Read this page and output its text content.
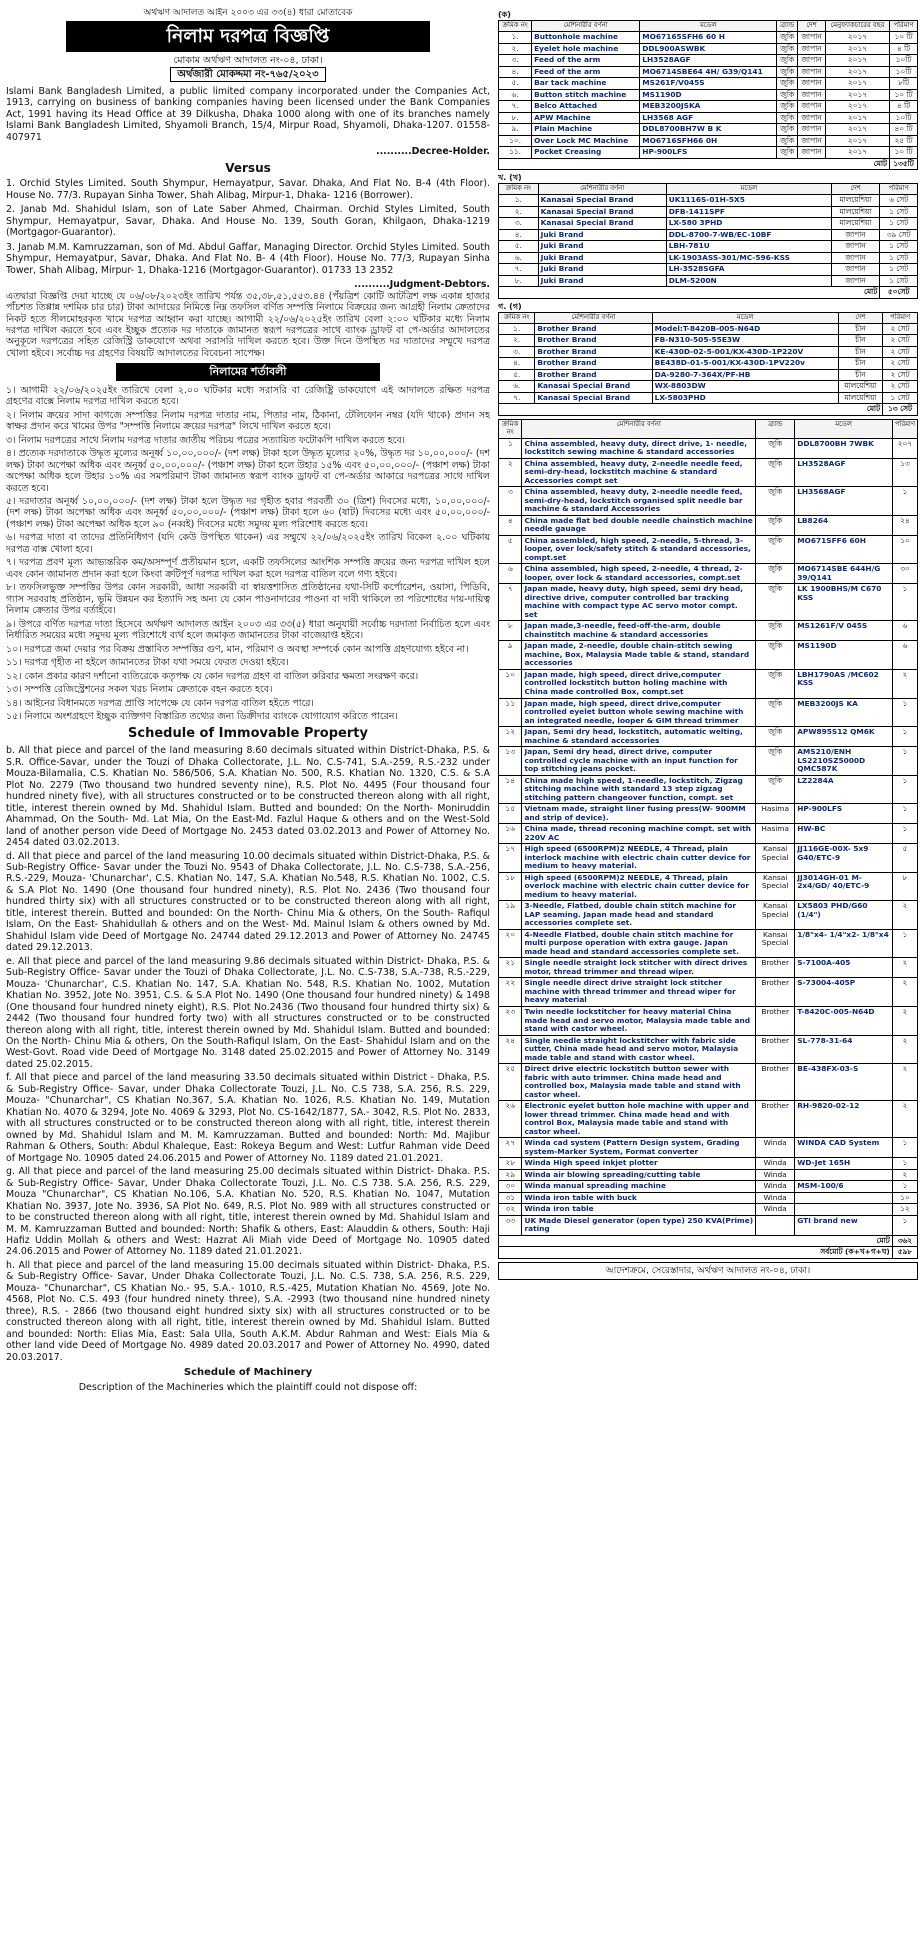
অর্থঋণ আদালত আইন ২০০৩ এর ৩৩(৪) ধারা মোতাবেক
নিলাম দরপত্র বিজ্ঞপ্তি
মোকাম অর্থঋণ আদালত নং-০৪, ঢাকা।
অর্থজারী মোকদ্দমা নং-৭৬৫/২০২৩
Islami Bank Bangladesh Limited, a public limited company incorporated under the Companies Act, 1913, carrying on business of banking companies having been licensed under the Bank Companies Act, 1991 having its Head Office at 39 Dilkusha, Dhaka 1000 along with one of its branches namely Islami Bank Bangladesh Limited, Shyamoli Branch, 15/4, Mirpur Road, Shyamoli, Dhaka-1207. 01558-407971
..........Decree-Holder.
Versus
1. Orchid Styles Limited. South Shympur, Hemayatpur, Savar. Dhaka, And Flat No. B-4 (4th Floor). House No. 77/3. Rupayan Sinha Tower, Shah Alibag, Mirpur-1, Dhaka- 1216 (Borrower).
2. Janab Md. Shahidul Islam, son of Late Saber Ahmed, Chairman. Orchid Styles Limited, South Shympur, Hemayatpur, Savar, Dhaka. And House No. 139, South Goran, Khilgaon, Dhaka-1219 (Mortgagor-Guarantor).
3. Janab M.M. Kamruzzaman, son of Md. Abdul Gaffar, Managing Director. Orchid Styles Limited. South Shympur, Hemayatpur, Savar, Dhaka. And Flat No. B- 4 (4th Floor). House No. 77/3, Rupayan Sinha Tower, Shah Alibag, Mirpur- 1, Dhaka-1216 (Mortgagor-Guarantor). 01733 13 2352
..........Judgment-Debtors.
এতদ্বারা বিজ্ঞপ্তি দেয়া যাচ্ছে যে ০৬/০৮/২০২৩ইং তারিখ পর্যন্ত ৩৫,৩৮,৫১,৫৫৩.৪৪ (পঁয়ত্রিশ কোটি আটত্রিশ লক্ষ একান্ন হাজার পাঁচশত তিপ্পান্ন দশমিক চার চার) টাকা আদায়ের নিমিত্তে নিম্ন তফসিল বর্ণিত সম্পত্তি নিলামে বিক্রয়ের জন্য আগ্রহী নিলাম ক্রেতাদের নিকট হতে সীলমোহরকৃত খামে দরপত্র আহ্বান করা যাচ্ছে। আগামী ২২/০৬/২০২৫ইং তারিখ বেলা ২:০০ ঘটিকার মধ্যে নিলাম দরপত্র দাখিল করতে হবে এবং ইচ্ছুক প্রত্যেক দর দাতাকে জামানত স্বরূপ দরপত্রের সাথে ব্যাংক ড্রাফট বা পে-অর্ডার আদালতের অনুকূলে দরপত্রের সহিত রেজিস্ট্রি ডাকযোগে অথবা সরাসরি দাখিল করতে হবে। উক্ত দিনে উপস্থিত দর দাতাদের সম্মুখে দরপত্র খোলা হইবে। সর্বোচ্চ দর গ্রহণের বিষয়টি আদালতের বিবেচনা সাপেক্ষ।
নিলামের শর্তাবলী
১। আগামী ২২/০৬/২০২৫ইং তারিখে বেলা ২.০০ ঘটিকার মধ্যে সরাসরি বা রেজিষ্ট্রি ডাকযোগে এই আদালতে রক্ষিত দরপত্র গ্রহণের বাক্সে নিলাম দরপত্র দাখিল করতে হবে।
২। নিলাম ক্রয়ের সাদা কাগজে সম্পত্তির নিলাম দরপত্র দাতার নাম, পিতার নাম, ঠিকানা, টেলিফোন নম্বর (যদি থাকে) প্রদান সহ স্বাক্ষর প্রদান করে খামের উপর "সম্পত্তি নিলামে ক্রয়ের দরপত্র" লিখে দাখিল করতে হবে।
৩। নিলাম দরপত্রের সাথে নিলাম দরপত্র দাতার জাতীয় পরিচয় পত্রের সত্যায়িত ফটোকপি দাখিল করতে হবে।
৪। প্রত্যেক দরদাতাকে উদ্ধৃত মূল্যের অনূর্ধ্ব ১০,০০,০০০/- (দশ লক্ষ) টাকা হলে উদ্ধৃত মূল্যের ২০%, উদ্ধৃত দর ১০,০০,০০০/- (দশ লক্ষ) টাকা অপেক্ষা অধিক এবং অনূর্ধ্ব ৫০,০০,০০০/- (পঞ্চাশ লক্ষ) টাকা হলে উহার ১৫% এবং ৫০,০০,০০০/- (পঞ্চাশ লক্ষ) টাকা অপেক্ষা অধিক হলে উহার ১০% এর সমপরিমাণ টাকা জামানত স্বরূপ ব্যাংক ড্রাফট বা পে-অর্ডার আকারে দরপত্রের সাথে দাখিল করতে হবে।
৫। দরদাতার অনূর্ধ্ব ১০,০০,০০০/- (দশ লক্ষ) টাকা হলে উদ্ধৃত দর গৃহীত হবার পরবর্তী ৩০ (ত্রিশ) দিবসের মধ্যে, ১০,০০,০০০/- (দশ লক্ষ) টাকা অপেক্ষা অধিক এবং অনূর্ধ্ব ৫০,০০,০০০/- (পঞ্চাশ লক্ষ) টাকা হলে ৬০ (ষাট) দিবসের মধ্যে এবং ৫০,০০,০০০/- (পঞ্চাশ লক্ষ) টাকা অপেক্ষা অধিক হলে ৯০ (নব্বই) দিবসের মধ্যে সমুদয় মূল্য পরিশোধ করতে হবে।
৬। দরপত্র দাতা বা তাদের প্রতিনিধিগণ (যদি কেউ উপস্থিত থাকেন) এর সম্মুখে ২২/০৬/২০২৫ইং তারিখ বিকেল ২.০০ ঘটিকায় দরপত্র বাক্স খোলা হবে।
৭। দরপত্র প্রবণ মূল্য আভ্যন্তরিক কম/অসম্পূর্ণ প্রতীয়মান হলে, একটি তফসিলের আংশিক সম্পত্তি ক্রয়ের জন্য দরপত্র দাখিল হলে এবং কোন জামানত প্রদান করা হলে কিংবা ক্রটিপূর্ণ দরপত্র দাখিল করা হলে দরপত্র বাতিল বলে গণ্য হইবে।
৮। তফসিলভুক্ত সম্পত্তির উপর কোন সরকারী, আধা সরকারী বা স্বায়ত্তশাসিত প্রতিষ্ঠানের যথা-সিটি কর্পোরেশন, ওয়াসা, পিডিবি, গ্যাস সরবরাহ প্রতিষ্ঠান, ভূমি উন্নয়ন কর ইত্যাদি সহ অন্য যে কোন পাওনাদারের পাওনা বা দাবী থাকিলে তা পরিশোধের দায়-দায়িত্ব নিলাম ক্রেতার উপর বর্তাইবে।
৯। উপরে বর্ণিত দরপত্র দাতা হিসেবে অর্থঋণ আদালত আইন ২০০৩ এর ৩৩(৫) ধারা অনুযায়ী সর্বোচ্চ দরদাতা নির্বাচিত হলে এবং নির্ধারিত সময়ের মধ্যে সমুদয় মূল্য পরিশোধে ব্যর্থ হলে জমাকৃত জামানতের টাকা বাজেয়াপ্ত হইবে।
১০। দরপত্রে জমা দেয়ার পর বিক্রয় প্রস্তাবিত সম্পত্তির গুণ, মান, পরিমাণ ও অবস্থা সম্পর্কে কোন আপত্তি গ্রহণযোগ্য হইবে না।
১১। দরপত্র গৃহীত না হইলে জামানতের টাকা যথা সময়ে ফেরত দেওয়া হইবে।
১২। কোন প্রকার কারণ দর্শানো ব্যতিরেকে কতৃপক্ষ যে কোন দরপত্র গ্রহণ বা বাতিল করিবার ক্ষমতা সংরক্ষণ করে।
১৩। সম্পত্তি রেজিস্ট্রেশনের সকল খরচ নিলাম ক্রেতাকে বহন করতে হবে।
১৪। আইনের বিধানমতে দরপত্র প্রাপ্তি সাপেক্ষে যে কোন দরপত্র বাতিল হইতে পারে।
১৫। নিলামে অংশগ্রহণে ইচ্ছুক ব্যক্তিগণ বিস্তারিত তথ্যের জন্য ডিক্রীদার ব্যাংকে যোগাযোগ করিতে পারেন।
Schedule of Immovable Property
b. All that piece and parcel of the land measuring 8.60 decimals situated within District-Dhaka, P.S. & S.R. Office-Savar, under the Touzi of Dhaka Collectorate, J.L. No. C.S-741, S.A.-259, R.S.-232 under Mouza-Bilamalia, C.S. Khatian No. 586/506, S.A. Khatian No. 500, R.S. Khatian No. 1320, C.S. & S.A Plot No. 2279 (Two thousand two hundred seventy nine), R.S. Plot No. 4495 (Four thousand four hundred ninety five), with all structures constructed or to be constructed thereon along with all right, title, interest therein owned by Md. Shahidul Islam. Butted and bounded: On the North- Moniruddin Ahammad, On the South- Md. Lat Mia, On the East-Md. Fazlul Haque & others and on the West-Sold land of another person vide Deed of Mortgage No. 2453 dated 03.02.2013 and Power of Attorney No. 2454 dated 03.02.2013.
d. All that piece and parcel of the land measuring 10.00 decimals situated within District-Dhaka, P.S. & Sub-Registry Office- Savar under the Touzi No. 9543 of Dhaka Collectorate, J.L. No. C.S-738, S.A.-256, R.S.-229, Mouza- 'Chunarchar', C.S. Khatian No. 147, S.A. Khatian No.548, R.S. Khatian No. 1002, C.S. & S.A Plot No. 1490 (One thousand four hundred ninety), R.S. Plot No. 2436 (Two thousand four hundred thirty six) with all structures constructed or to be constructed thereon along with all right, title, interest therein. Butted and bounded: On the North- Chinu Mia & others, On the South- Rafiqul Islam, On the East- Shahidullah & others and on the West- Md. Mainul Islam & others owned by Md. Shahidul Islam vide Deed of Mortgage No. 24744 dated 29.12.2013 and Power of Attorney No. 24745 dated 29.12.2013.
e. All that piece and parcel of the land measuring 9.86 decimals situated within District- Dhaka, P.S. & Sub-Registry Office- Savar under the Touzi of Dhaka Collectorate, J.L. No. C.S-738, S.A.-738, R.S.-229, Mouza- 'Chunarchar', C.S. Khatian No. 147, S.A. Khatian No. 548, R.S. Khatian No. 1002, Mutation Khatian No. 3952, Jote No. 3951, C.S. & S.A Plot No. 1490 (One thousand four hundred ninety) & 1498 (One thousand four hundred ninety eight), R.S. Plot No.2436 (Two thousand four hundred thirty six) & 2442 (Two thousand four hundred forty two) with all structures constructed or to be constructed thereon along with all right, title, interest therein owned by Md. Shahidul Islam. Butted and bounded: On the North- Chinu Mia & others, On the South-Rafiqul Islam, On the East- Shahidul Islam and on the West-Govt. Road vide Deed of Mortgage No. 3148 dated 25.02.2015 and Power of Attorney No. 3149 dated 25.02.2015.
f. All that piece and parcel of the land measuring 33.50 decimals situated within District - Dhaka, P.S. & Sub-Registry Office- Savar, under Dhaka Collectorate Touzi, J.L. No. C.S 738, S.A. 256, R.S. 229, Mouza- "Chunarchar", CS Khatian No.367, S.A. Khatian No. 1026, R.S. Khatian No. 149, Mutation Khatian No. 4070 & 3294, Jote No. 4069 & 3293, Plot No. CS-1642/1877, SA.- 3042, R.S. Plot No. 2833, with all structures constructed or to be constructed thereon along with all right, title, interest therein owned by Md. Shahidul Islam and M. M. Kamruzzaman. Butted and bounded: North: Md. Majibur Rahman & Others, South: Abdul Khaleque, East: Rokeya Begum and West: Lutfur Rahman vide Deed of Mortgage No. 10905 dated 24.06.2015 and Power of Attorney No. 1189 dated 21.01.2021.
g. All that piece and parcel of the land measuring 25.00 decimals situated within District- Dhaka. P.S. & Sub-Registry Office- Savar, Under Dhaka Collectorate Touzi, J.L. No. C.S 738. S.A. 256, R.S. 229, Mouza "Chunarchar", CS Khatian No.106, S.A. Khatian No. 520, R.S. Khatian No. 1047, Mutation Khatian No. 3937, Jote No. 3936, SA Plot No. 649, R.S. Plot No. 989 with all structures constructed or to be constructed thereon along with all right, title, interest therein owned by Md. Shahidul Islam and M. M. Kamruzzaman Butted and bounded: North: Shafik & others, East: Alauddin & others, South: Haji Hafiz Uddin Mollah & others and West: Hazrat Ali Miah vide Deed of Mortgage No. 10905 dated 24.06.2015 and Power of Attorney No. 1189 dated 21.01.2021.
h. All that piece and parcel of the land measuring 15.00 decimals situated within District- Dhaka, P.S. & Sub-Registry Office- Savar, Under Dhaka Collectorate Touzi, J.L. No. C.S. 738, S.A. 256, R.S. 229, Mouza- "Chunarchar", CS Khatian No.- 95, S.A.- 1010, R.S.-425, Mutation Khatian No. 4569, Jote No. 4568, Plot No. C.S. 493 (four hundred ninety three), S.A. -2993 (two thousand nine hundred ninety three), R.S. - 2866 (two thousand eight hundred sixty six) with all structures constructed or to be constructed thereon along with all right, title, interest therein owned by Md. Shahidul Islam. Butted and bounded: North: Elias Mia, East: Sala Ulla, South A.K.M. Abdur Rahman and West: Eials Mia & other land vide Deed of Mortgage No. 4989 dated 20.03.2017 and Power of Attorney No. 4990, dated 20.03.2017.
Schedule of Machinery
Description of the Machineries which the plaintiff could not dispose off:
(ক)
ক্রমিক নং	মেশিনারীর বর্ণনা	মডেল	ব্র্যান্ড	দেশ	মেনুফ্যাকচারের বছর	পরিমাণ
১.	Buttonhole machine	MO67165SFH6 60 H	জুকি	জাপান	২০১৭	১০ টি
২.	Eyelet hole machine	DDL900ASWBK	জুকি	জাপান	২০১৭	৪ টি
৩.	Feed of the arm	LH3528AGF	জুকি	জাপান	২০১৭	১০টি
৪.	Feed of the arm	MO6714SBE64 4H/ G39/Q141	জুকি	জাপান	২০১৭	১০টি
৫.	Bar tack machine	MS261F/V045S	জুকি	জাপান	২০১৭	৮টি
৬.	Button stitch machine	MS1190D	জুকি	জাপান	২০১৭	১০ টি
৭.	Belco Attached	MEB3200JSKA	জুকি	জাপান	২০১৭	৪ টি
৮.	APW Machine	LH3568 AGF	জুকি	জাপান	২০১৭	১০টি
৯.	Plain Machine	DDL8700BH7W B K	জুকি	জাপান	২০১৭	৪০ টি
১০.	Over Lock MC Machine	MO6716SFH66 0H	জুকি	জাপান	২০১৭	২৫ টি
১১.	Pocket Creasing	HP-900LFS	জুকি	জাপান	২০১৭	১০ টি
মোট						১৩৫টি
খ. (খ)
ক্রমিক নং	মেশিনারীর বর্ণনা	মডেল	দেশ	পরিমাণ
১.	Kanasai Special Brand	UK1116S-01H-5X5	মালয়েশিয়া	৬ সেট
২.	Kanasai Special Brand	DFB-1411SPF	মালয়েশিয়া	১ সেট
৩.	Kanasai Special Brand	LX-580 3PHD	মালয়েশিয়া	১ সেট
৪.	Juki Brand	DDL-8700-7-WB/EC-10BF	জাপান	৩৯ সেট
৫.	Juki Brand	LBH-781U	জাপান	১ সেট
৬.	Juki Brand	LK-1903ASS-301/MC-596-KSS	জাপান	১ সেট
৭.	Juki Brand	LH-3528SGFA	জাপান	১ সেট
৮.	Juki Brand	DLM-5200N	জাপান	১ সেট
মোট				৫০সেট
গ. (গ)
ক্রমিক নং	মেশিনারীর বর্ণনা	মডেল	দেশ	পরিমাণ
১.	Brother Brand	Model:T-8420B-005-N64D	চীন	২ সেট
২.	Brother Brand	FB-N310-505-55E3W	চীন	২ সেট
৩.	Brother Brand	KE-430D-02-5-001/KX-430D-1P220V	চীন	২ সেট
৪.	Brother Brand	BE438D-01-5-001/KX-430D-1PV220v	চীন	২ সেট
৫.	Brother Brand	DA-9280-7-364X/PF-HB	চীন	২ সেট
৬.	Kanasai Special Brand	WX-8803DW	মালয়েশিয়া	২ সেট
৭.	Kanasai Special Brand	LX-5803PHD	মালয়েশিয়া	১ সেট
মোট				১৩ সেট
ক্রমিক নং	মেশিনারীর বর্ণনা	ব্র্যান্ড	মডেল	পরিমাণ
১	China assembled, heavy duty, direct drive, 1- needle, lockstitch sewing machine & standard accessories	জুকি	DDL8700BH 7WBK	২০৭
২	China assembled, heavy duty, 2-needle needle feed, semi-dry-head, lockstitch machine & standard Accessories compt set	জুকি	LH3528AGF	১৩
৩	China assembled, heavy duty, 2-needle needle feed, semi-dry-head, lockstitch organised split needle bar machine & standard Accessories	জুকি	LH3568AGF	১
৪	China made flat bed double needle chainstich machine needle gauage	জুকি	LB8264	২৪
৫	China assembled, high speed, 2-needle, 5-thread, 3-looper, over lock/safety stitch & standard accessories, compt.set	জুকি	MO671SFF6 60H	১০
৬	China assembled, high speed, 2-needle, 4 thread, 2-looper, over lock & standard accessories, compt.set	জুকি	MO6714SBE 644H/G 39/Q141	৩০
৭	Japan made, heavy duty, high speed, semi dry head, directive drive, computer controlled bar tracking machine with compact type AC servo motor compt. set	জুকি	LK 1900BHS/M C670 KSS	১
৮	Japan made,3-needle, feed-off-the-arm, double chainstitch machine & standard accessories	জুকি	MS1261F/V 045S	৬
৯	Japan made, 2-needle, double chain-stitch sewing machine, Box, Malaysia Made table & stand, standard accessories	জুকি	MS1190D	৬
১০	Japan made, high speed, direct drive,computer controlled lockstitch button holing machine with China made controlled Box, compt.set	জুকি	LBH1790AS /MC602 KSS	২
১১	Japan made, high speed, direct drive,computer controlled eyelet button whole sewing machine with an integrated needle, looper & GIM thread trimmer	জুকি	MEB3200JS KA	১
১২	Japan, Semi dry head, lockstitch, automatic welting, machine & standard accessories	জুকি	APW895S12 QM6K	১
১৩	Japan, Semi dry head, direct drive, computer controlled cycle machine with an input function for top stitching jeans pocket.	জুকি	AMS210/ENH LS2210SZ5000D QMC587K	১
১৪	China made high speed, 1-needle, lockstitch, Zigzag stitching machine with standard 13 step zigzag stitching pattern changeover function, compt. set	জুকি	LZ2284A	১
১৫	Vietnam made, straight liner fusing press(W- 900MM and strip of device).	Hasima	HP-900LFS	১
১৬	China made, thread reconing machine compt. set with 220V AC	Hasima	HW-BC	১
১৭	High speed (6500RPM)2 NEEDLE, 4 Thread, plain interlock machine with electric chain cutter device for medium to heavy material.	Kansai Special	JJ116GE-00X- 5x9 G40/ETC-9	৫
১৮	High speed (6500RPM)2 NEEDLE, 4 Thread, plain overlock machine with electric chain cutter device for medium to heavy material.	Kansai Special	JJ3014GH-01 M- 2x4/GD/ 40/ETC-9	৮
১৯	3-Needle, Flatbed, double chain stitch machine for LAP seaming. Japan made head and standard accessories complete set.	Kansai Special	LX5803 PHD/G60 (1/4")	২
২০	4-Needle Flatbed, double chain stitch machine for multi purpose operation with extra gauge. Japan made head and standard accessories complete set.	Kansai Special	1/8"x4- 1/4"x2- 1/8"x4	১
২১	Single needle straight lock stitcher with direct drives motor, thread trimmer and thread wiper.	Brother	S-7100A-405	২
২২	Single needle direct drive straight lock stitcher machine with thread trimmer and thread wiper for heavy material	Brother	S-73004-405P	২
২৩	Twin needle lockstitcher for heavy material China made head and servo motor, Malaysia made table and stand with castor wheel.	Brother	T-8420C-005-N64D	২
২৪	Single needle straight lockstitcher with fabric side cutter, China made head and servo motor, Malaysia made table and stand with castor wheel.	Brother	SL-778-31-64	২
২৫	Direct drive electric lockstitch button sewer with fabric with auto trimmer. China made head and controlled box, Malaysia made table and stand with castor wheel.	Brother	BE-438FX-03-S	২
২৬	Electronic eyelet button hole machine with upper and lower thread trimmer. China made head and with control Box, Malaysia made table and stand with castor wheel.	Brother	RH-9820-02-12	২
২৭	Winda cad system (Pattern Design system, Grading system-Marker System, Format converter	Winda	WINDA CAD System	১
২৮	Winda High speed inkjet plotter	Winda	WD-Jet 165H	১
২৯	Winda air blowing spreading/cutting table	Winda		২
৩০	Winda manual spreading machine	Winda	MSM-100/6	১
৩১	Winda iron table with buck	Winda		১০
৩২	Winda iron table	Winda		১২
৩৩	UK Made Diesel generator (open type) 250 KVA(Prime) rating		GTI brand new	১
মোট				৩৬২
সর্বমোট (ক+খ+গ+ঘ)				৫৯৮
আদেশক্রমে, সেরেস্তাদার, অর্থঋণ আদালত নং-০৪, ঢাকা।
